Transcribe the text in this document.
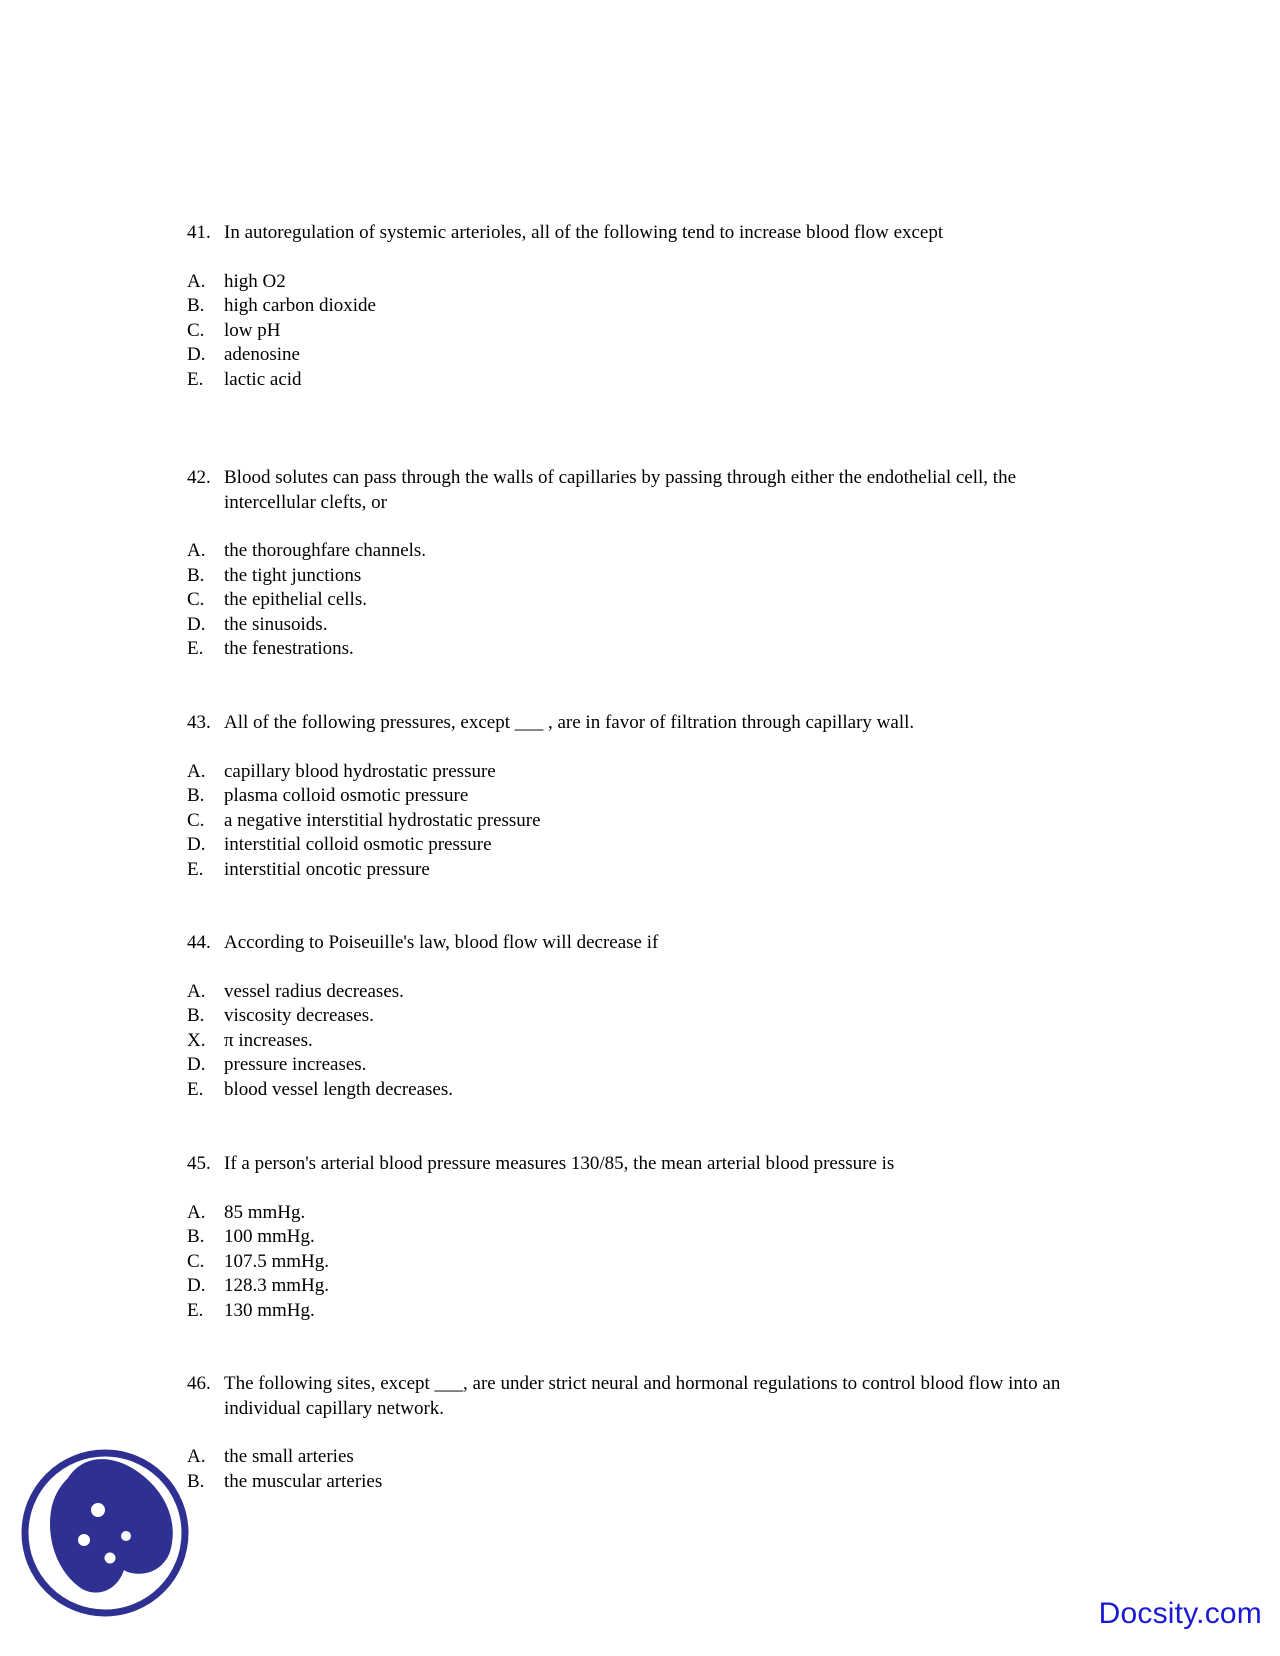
41. In autoregulation of systemic arterioles, all of the following tend to increase blood flow except

A. high O2
B.	high carbon dioxide
C.	low pH
D. adenosine
E.	lactic acid

42. Blood solutes can pass through the walls of capillaries by passing through either the endothelial cell, the intercellular clefts, or

A. the thoroughfare channels.
B.	the tight junctions
C.	the epithelial cells.
D. the sinusoids.
E.	the fenestrations.

43. All of the following pressures, except ___ , are in favor of filtration through capillary wall.

A. capillary blood hydrostatic pressure
B.	plasma colloid osmotic pressure
C.	a negative interstitial hydrostatic pressure
D. interstitial colloid osmotic pressure
E.	interstitial oncotic pressure

44. According to Poiseuille's law, blood flow will decrease if

A. vessel radius decreases.
B.	viscosity decreases.
X. π increases.
D. pressure increases.
E.	blood vessel length decreases.

45. If a person's arterial blood pressure measures 130/85, the mean arterial blood pressure is

A. 85 mmHg.
B.	100 mmHg.
C.	107.5 mmHg.
D. 128.3 mmHg.
E.	130 mmHg.

46. The following sites, except ___, are under strict neural and hormonal regulations to control blood flow into an individual capillary network.

A. the small arteries
B.	the muscular arteries
Docsity.com
